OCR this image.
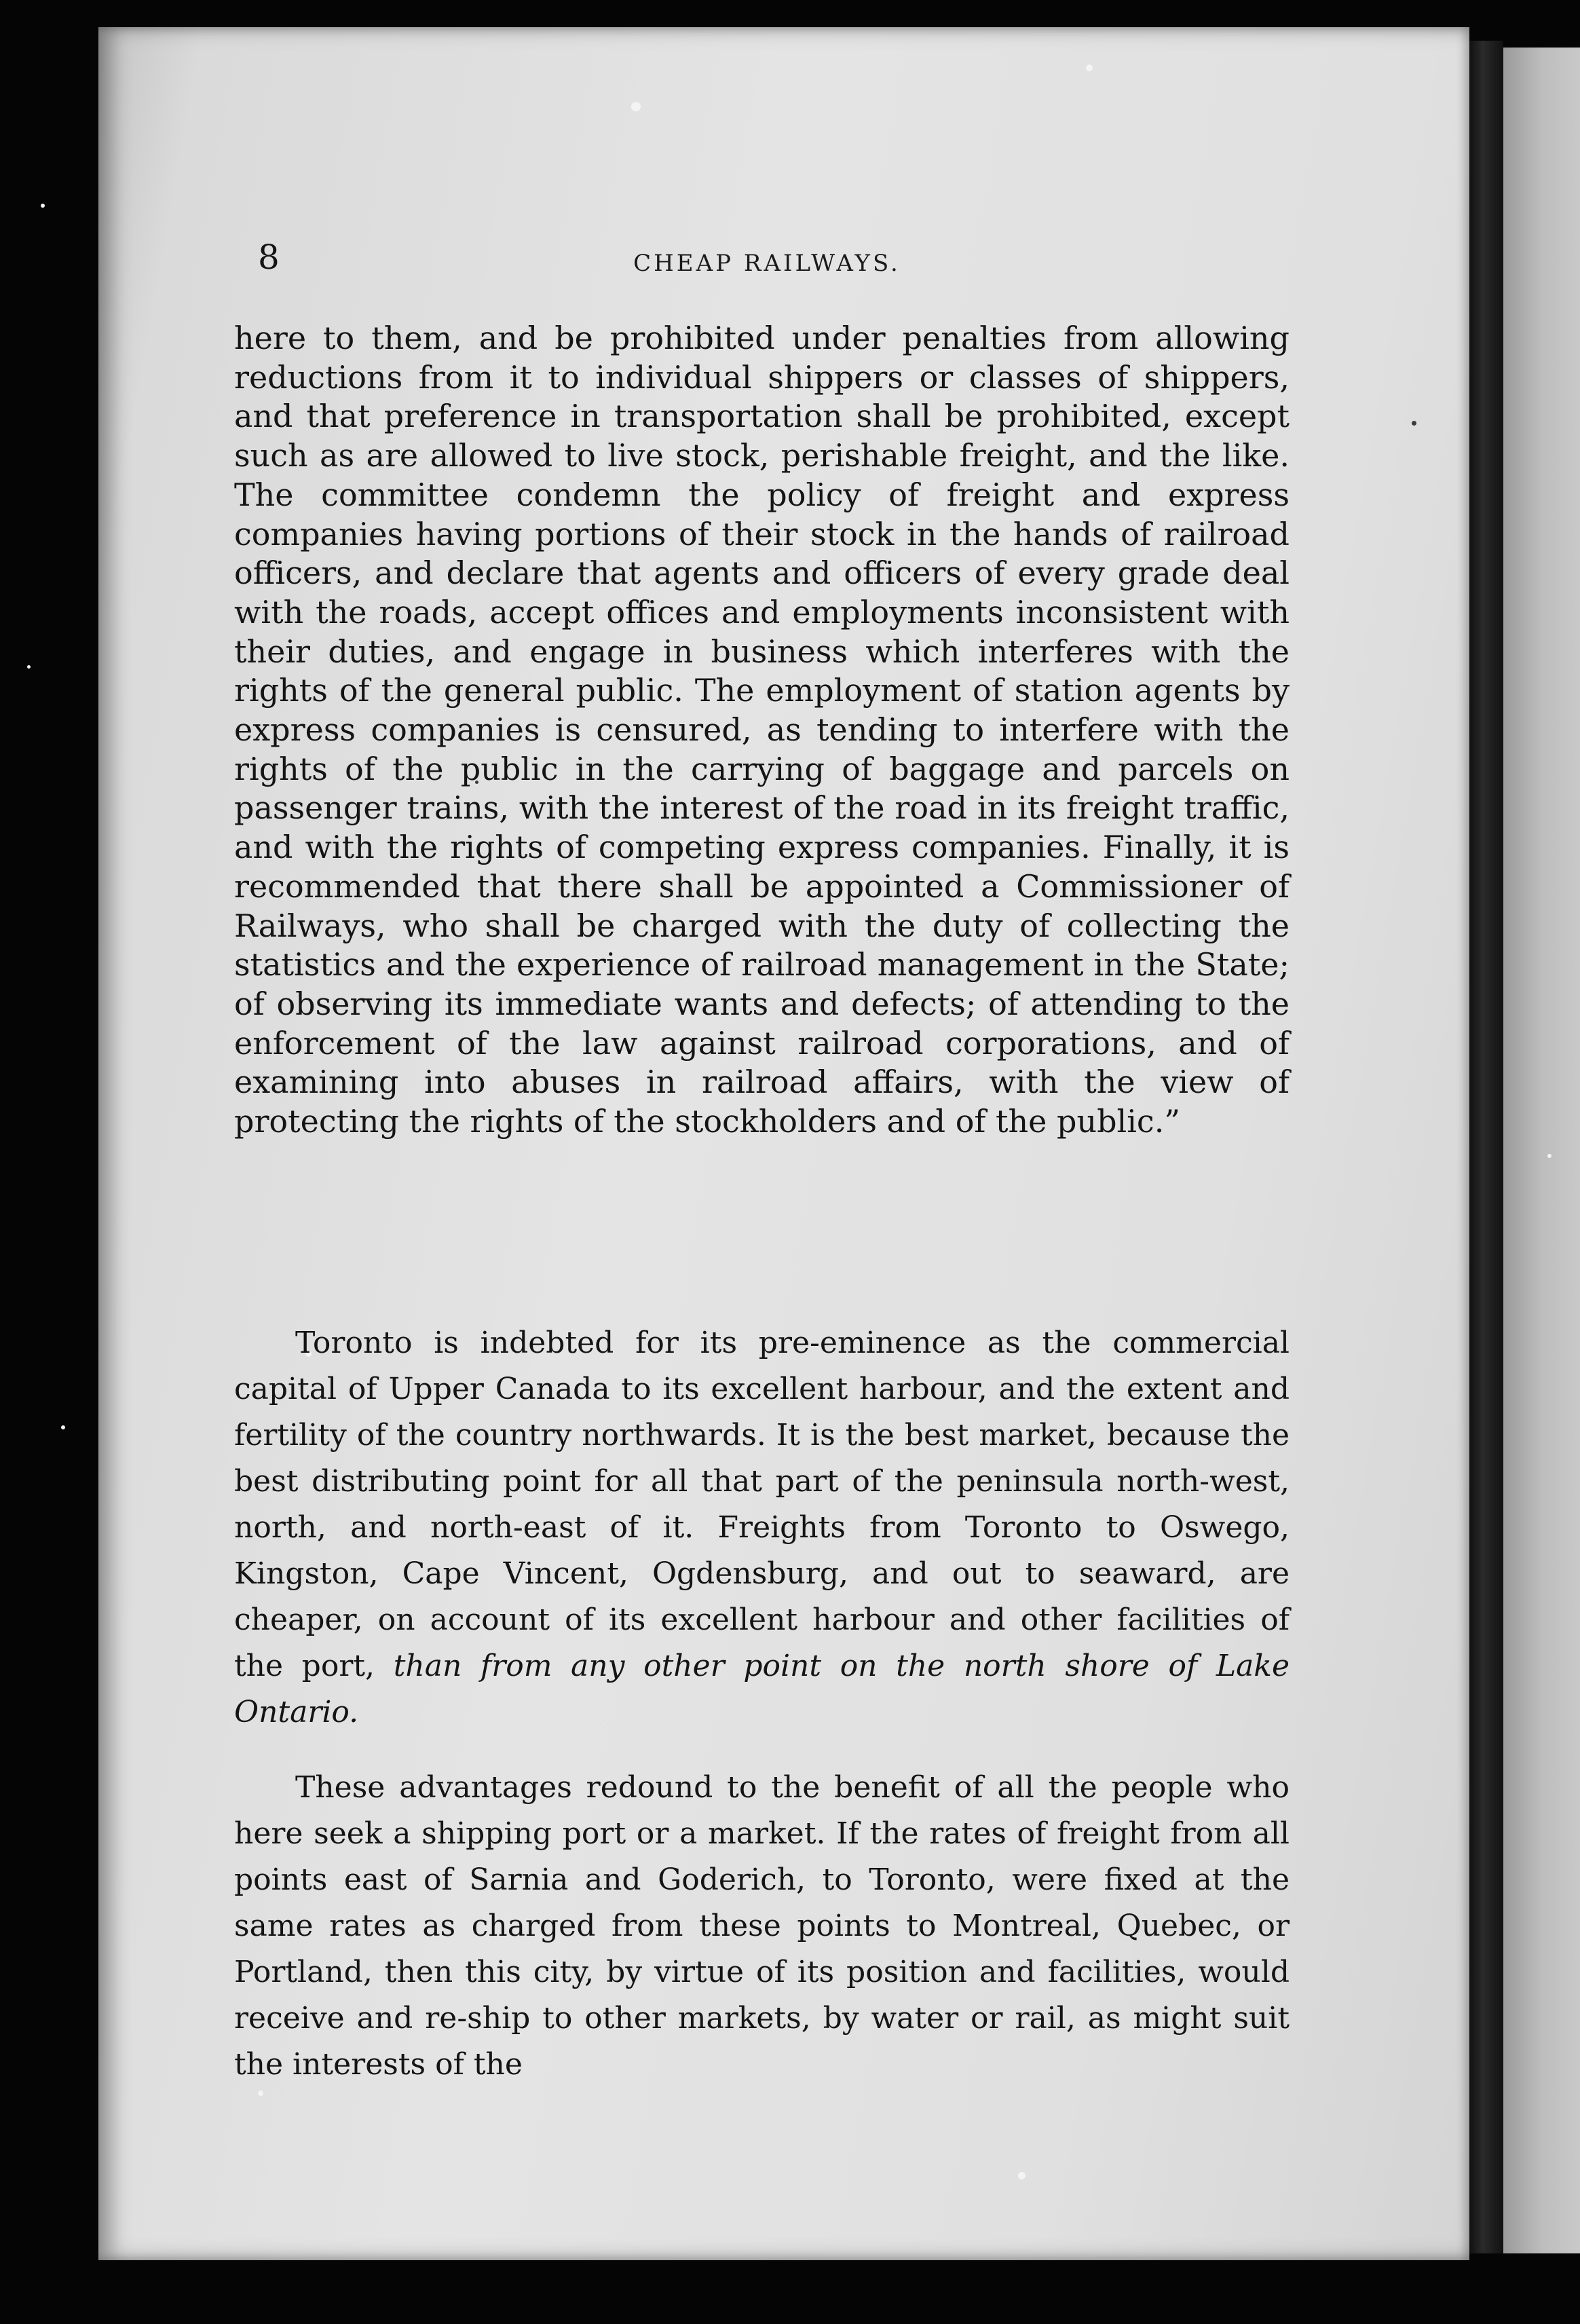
8	CHEAP RAILWAYS.

here to them, and be prohibited under penalties from allowing reductions from it to individual shippers or classes of shippers, and that preference in transportation shall be prohibited, except such as are allowed to live stock, perishable freight, and the like. The committee condemn the policy of freight and express companies having portions of their stock in the hands of railroad officers, and declare that agents and officers of every grade deal with the roads, accept offices and employments inconsistent with their duties, and engage in business which interferes with the rights of the general public. The employment of station agents by express companies is censured, as tending to interfere with the rights of the public in the carrying of baggage and parcels on passenger trains, with the interest of the road in its freight traffic, and with the rights of competing express companies. Finally, it is recommended that there shall be appointed a Commissioner of Railways, who shall be charged with the duty of collecting the statistics and the experience of railroad management in the State; of observing its immediate wants and defects; of attending to the enforcement of the law against railroad corporations, and of examining into abuses in railroad affairs, with the view of protecting the rights of the stockholders and of the public.”

Toronto is indebted for its pre-eminence as the commercial capital of Upper Canada to its excellent harbour, and the extent and fertility of the country northwards. It is the best market, because the best distributing point for all that part of the peninsula north-west, north, and north-east of it. Freights from Toronto to Oswego, Kingston, Cape Vincent, Ogdensburg, and out to seaward, are cheaper, on account of its excellent harbour and other facilities of the port, than from any other point on the north shore of Lake Ontario.

These advantages redound to the benefit of all the people who here seek a shipping port or a market. If the rates of freight from all points east of Sarnia and Goderich, to Toronto, were fixed at the same rates as charged from these points to Montreal, Quebec, or Portland, then this city, by virtue of its position and facilities, would receive and re-ship to other markets, by water or rail, as might suit the interests of the
